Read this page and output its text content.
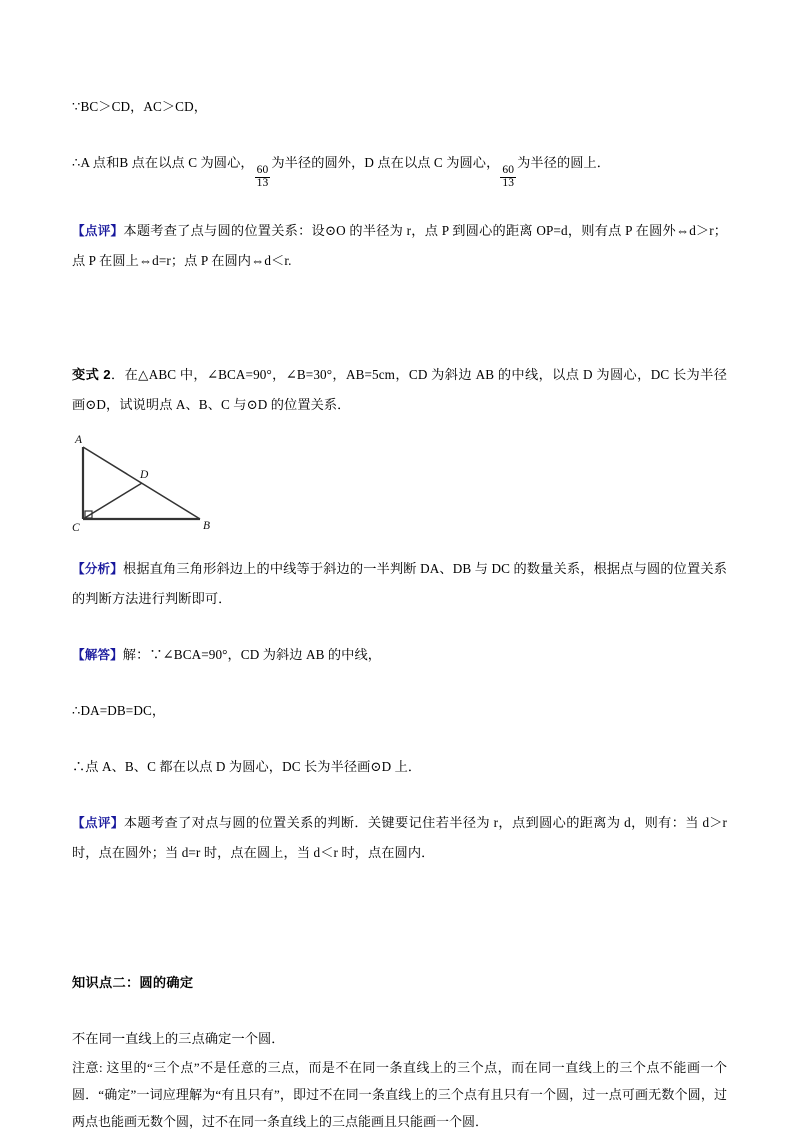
∵BC＞CD，AC＞CD，

∴A 点和B 点在以点 C 为圆心，
$\frac{60}{13}$
为半径的圆外，D 点在以点 C 为圆心，
$\frac{60}{13}$
为半径的圆上．

【点评】本题考查了点与圆的位置关系：设⊙O 的半径为 r，点 P 到圆心的距离 OP=d，则有点 P 在圆外⇔d＞r；点 P 在圆上⇔d=r；点 P 在圆内⇔d＜r.

变式 2．在△ABC 中，∠BCA=90°，∠B=30°，AB=5cm，CD 为斜边 AB 的中线，以点 D 为圆心，DC 长为半径画⊙D，试说明点 A、B、C 与⊙D 的位置关系．

A
B
C
D

【分析】根据直角三角形斜边上的中线等于斜边的一半判断 DA、DB 与 DC 的数量关系，根据点与圆的位置关系的判断方法进行判断即可．

【解答】解：∵∠BCA=90°，CD 为斜边 AB 的中线，

∴DA=DB=DC，

∴点 A、B、C 都在以点 D 为圆心，DC 长为半径画⊙D 上．

【点评】本题考查了对点与圆的位置关系的判断．关键要记住若半径为 r，点到圆心的距离为 d，则有：当 d＞r 时，点在圆外；当 d=r 时，点在圆上，当 d＜r 时，点在圆内．

知识点二：圆的确定

不在同一直线上的三点确定一个圆．

注意: 这里的“三个点”不是任意的三点，而是不在同一条直线上的三个点，而在同一直线上的三个点不能画一个圆．“确定”一词应理解为“有且只有”，即过不在同一条直线上的三个点有且只有一个圆，过一点可画无数个圆，过两点也能画无数个圆，过不在同一条直线上的三点能画且只能画一个圆．
